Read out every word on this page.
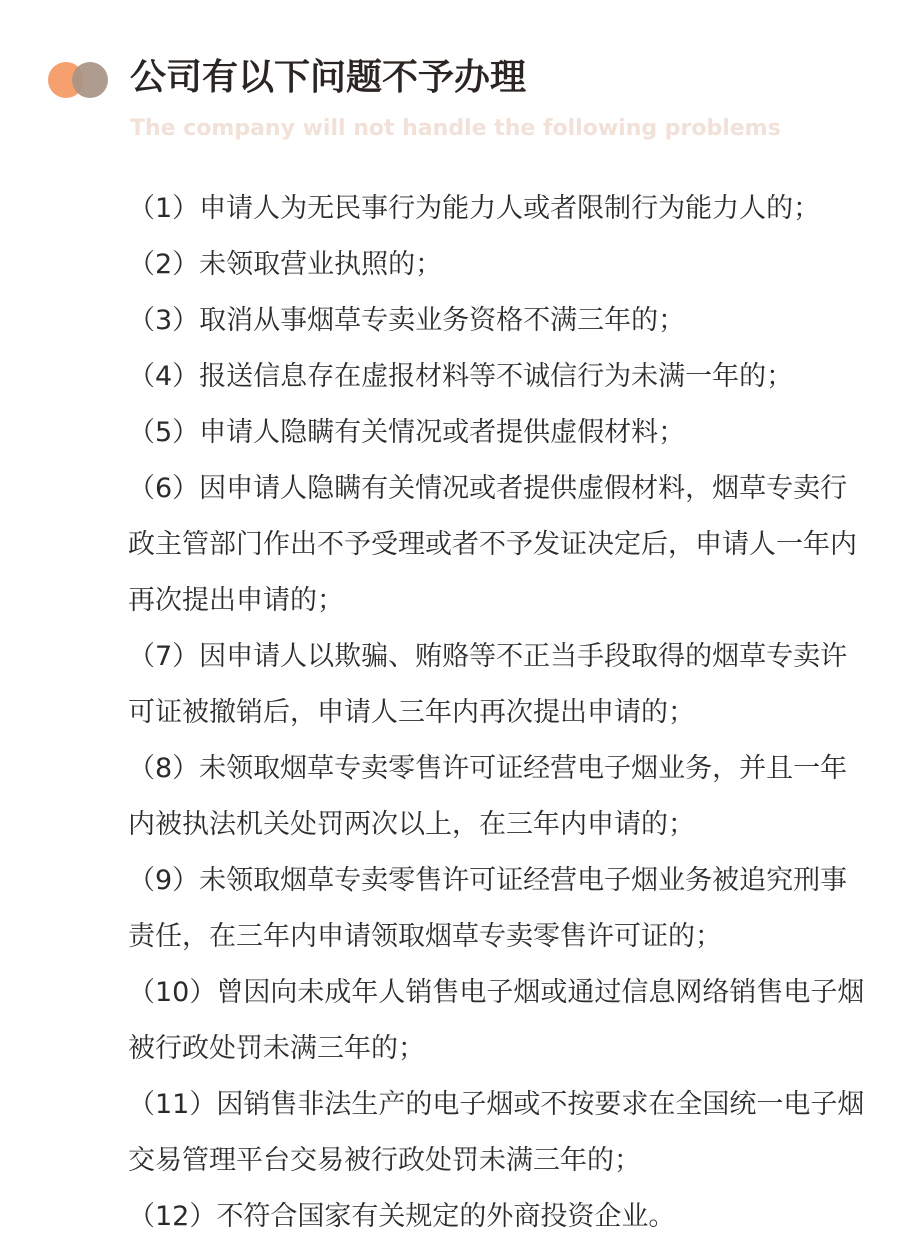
公司有以下问题不予办理

The company will not handle the following problems

（1）申请人为无民事行为能力人或者限制行为能力人的；

（2）未领取营业执照的；

（3）取消从事烟草专卖业务资格不满三年的；

（4）报送信息存在虚报材料等不诚信行为未满一年的；

（5）申请人隐瞒有关情况或者提供虚假材料；

（6）因申请人隐瞒有关情况或者提供虚假材料，烟草专卖行政主管部门作出不予受理或者不予发证决定后，申请人一年内再次提出申请的；

（7）因申请人以欺骗、贿赂等不正当手段取得的烟草专卖许可证被撤销后，申请人三年内再次提出申请的；

（8）未领取烟草专卖零售许可证经营电子烟业务，并且一年内被执法机关处罚两次以上，在三年内申请的；

（9）未领取烟草专卖零售许可证经营电子烟业务被追究刑事责任，在三年内申请领取烟草专卖零售许可证的；

（10）曾因向未成年人销售电子烟或通过信息网络销售电子烟被行政处罚未满三年的；

（11）因销售非法生产的电子烟或不按要求在全国统一电子烟交易管理平台交易被行政处罚未满三年的；

（12）不符合国家有关规定的外商投资企业。
